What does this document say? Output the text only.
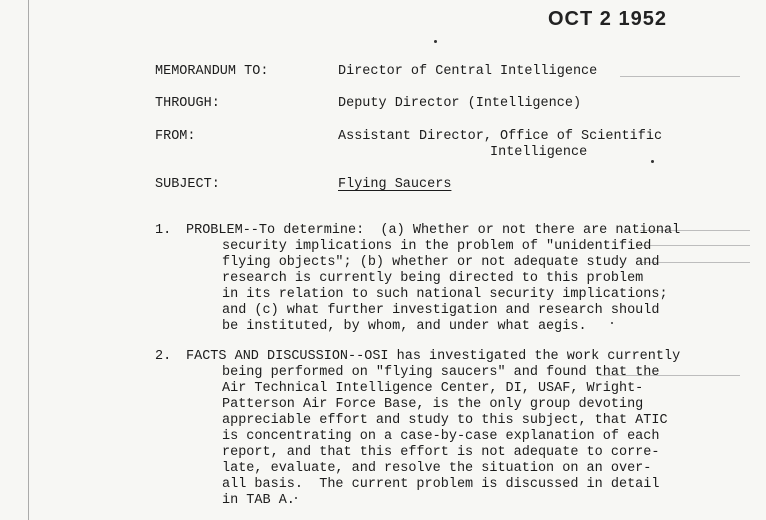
OCT 2 1952
MEMORANDUM TO:	Director of Central Intelligence
THROUGH:	Deputy Director (Intelligence)
FROM:	Assistant Director, Office of Scientific
Intelligence
SUBJECT:	Flying Saucers
1. PROBLEM--To determine:  (a) Whether or not there are national
security implications in the problem of "unidentified
flying objects"; (b) whether or not adequate study and
research is currently being directed to this problem
in its relation to such national security implications;
and (c) what further investigation and research should
be instituted, by whom, and under what aegis.
2. FACTS AND DISCUSSION--OSI has investigated the work currently
being performed on "flying saucers" and found that the
Air Technical Intelligence Center, DI, USAF, Wright-
Patterson Air Force Base, is the only group devoting
appreciable effort and study to this subject, that ATIC
is concentrating on a case-by-case explanation of each
report, and that this effort is not adequate to corre-
late, evaluate, and resolve the situation on an over-
all basis.  The current problem is discussed in detail
in TAB A.
